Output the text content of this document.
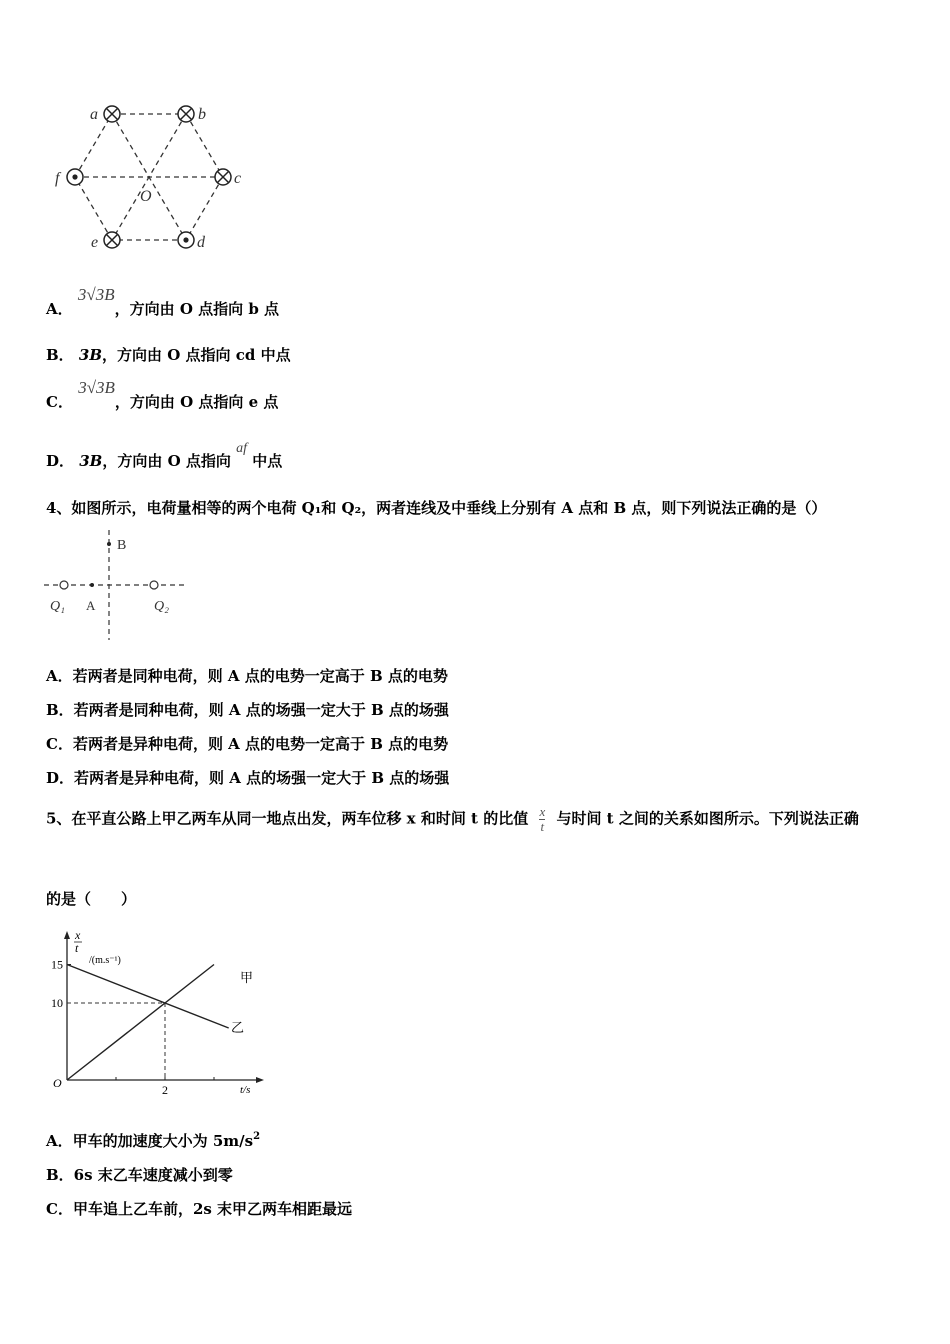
a	b
c
d
e
f
O
A． 3√3B，方向由 O 点指向 b 点
B． 3B，方向由 O 点指向 cd 中点
C． 3√3B，方向由 O 点指向 e 点
D． 3B，方向由 O 点指向 af 中点
4、如图所示，电荷量相等的两个电荷 Q₁和 Q₂，两者连线及中垂线上分别有 A 点和 B 点，则下列说法正确的是（）
B
Q₁ A	Q₂
A．若两者是同种电荷，则 A 点的电势一定高于 B 点的电势
B．若两者是同种电荷，则 A 点的场强一定大于 B 点的场强
C．若两者是异种电荷，则 A 点的电势一定高于 B 点的电势
D．若两者是异种电荷，则 A 点的场强一定大于 B 点的场强
5、在平直公路上甲乙两车从同一地点出发，两车位移 x 和时间 t 的比值 $\frac{x}{t}$ 与时间 t 之间的关系如图所示。下列说法正确
的是（　　）
x
t
/(m.s⁻¹)
O	t/s
15
10
2
甲
乙
A．甲车的加速度大小为 $5m/s^2$
B．6s 末乙车速度减小到零
C．甲车追上乙车前，2s 末甲乙两车相距最远
